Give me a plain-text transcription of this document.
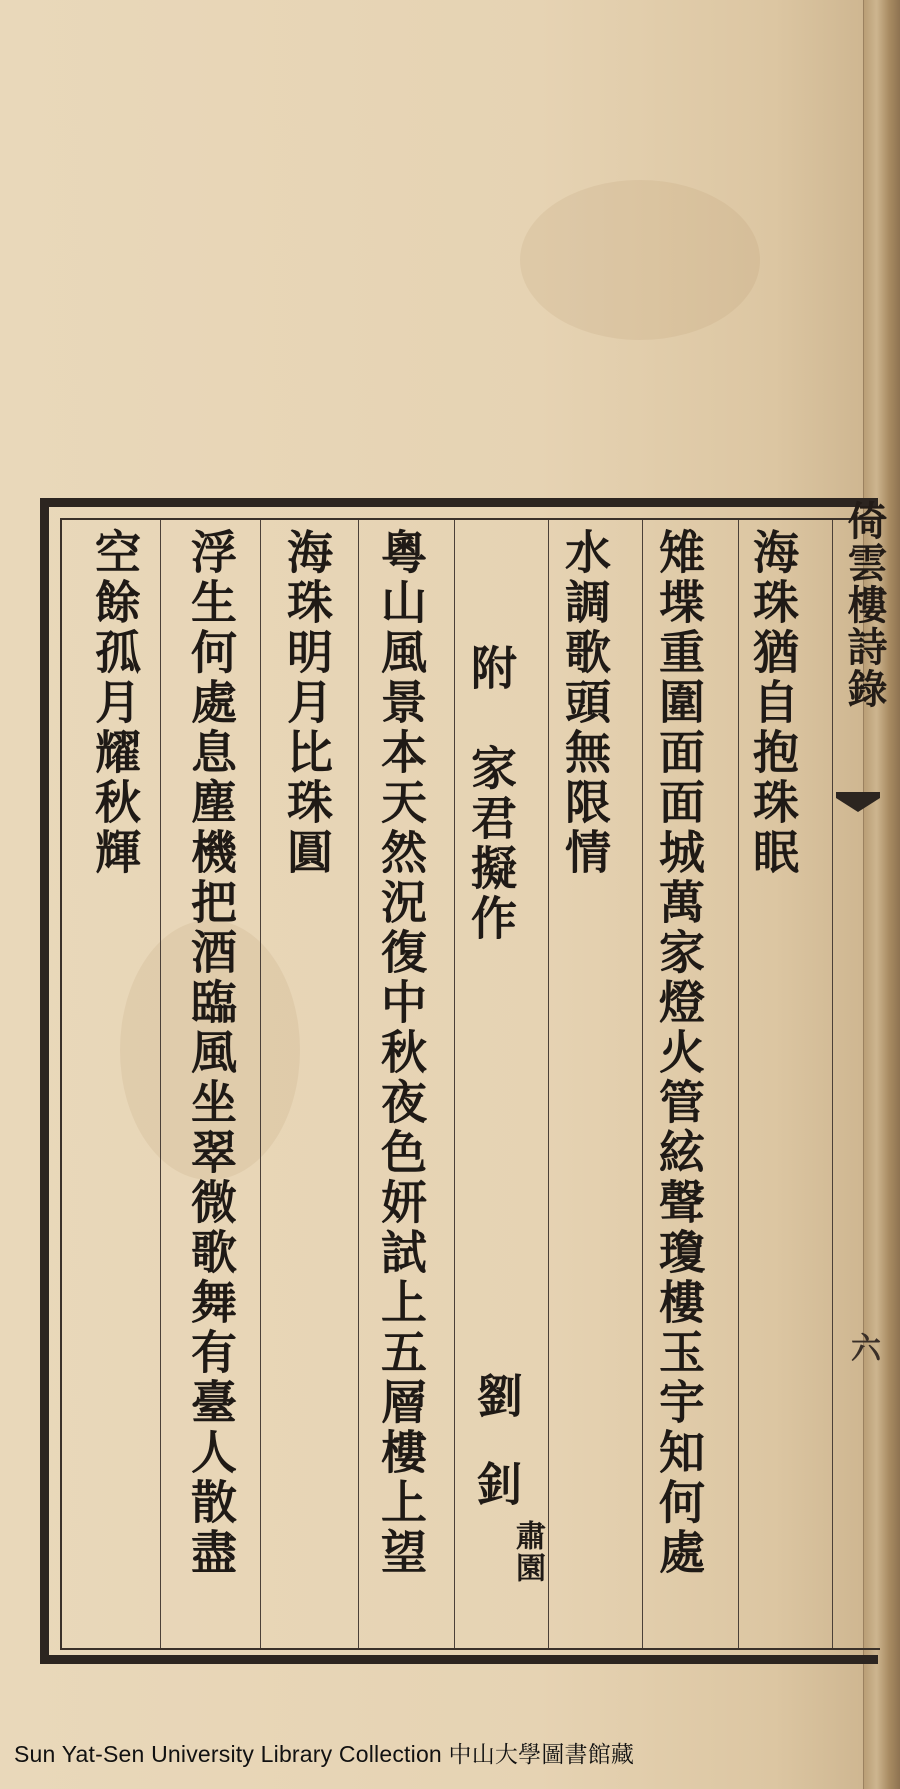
倚雲樓詩錄
六
海珠猶自抱珠眠
雉堞重圍面面城萬家燈火管絃聲瓊樓玉宇知何處
水調歌頭無限情
附　家君擬作
劉
釗
肅園
粵山風景本天然況復中秋夜色妍試上五層樓上望
海珠明月比珠圓
浮生何處息塵機把酒臨風坐翠微歌舞有臺人散盡
空餘孤月耀秋輝
Sun Yat-Sen University Library Collection 中山大學圖書館藏
